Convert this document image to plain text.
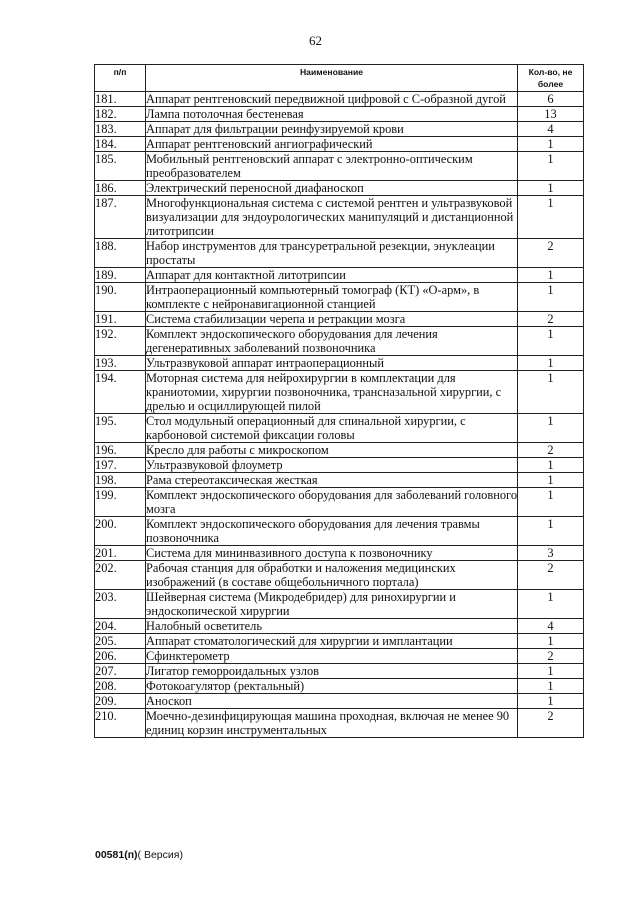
62
п/п	Наименование	Кол-во, не более
181.	Аппарат рентгеновский передвижной цифровой с С-образной дугой	6
182.	Лампа потолочная бестеневая	13
183.	Аппарат для фильтрации реинфузируемой крови	4
184.	Аппарат рентгеновский ангиографический	1
185.	Мобильный рентгеновский аппарат с электронно-оптическим преобразователем	1
186.	Электрический переносной диафаноскоп	1
187.	Многофункциональная система с системой рентген и ультразвуковой визуализации для эндоурологических манипуляций и дистанционной литотрипсии	1
188.	Набор инструментов для трансуретральной резекции, энуклеации простаты	2
189.	Аппарат для контактной литотрипсии	1
190.	Интраоперационный компьютерный томограф (КТ) «О-арм», в комплекте с нейронавигационной станцией	1
191.	Система стабилизации черепа и ретракции мозга	2
192.	Комплект эндоскопического оборудования для лечения дегенеративных заболеваний позвоночника	1
193.	Ультразвуковой аппарат интраоперационный	1
194.	Моторная система для нейрохирургии в комплектации для краниотомии, хирургии позвоночника, трансназальной хирургии, с дрелью и осциллирующей пилой	1
195.	Стол модульный операционный для спинальной хирургии, с карбоновой системой фиксации головы	1
196.	Кресло для работы с микроскопом	2
197.	Ультразвуковой флоуметр	1
198.	Рама стереотаксическая жесткая	1
199.	Комплект эндоскопического оборудования для заболеваний головного мозга	1
200.	Комплект эндоскопического оборудования для лечения травмы позвоночника	1
201.	Система для мининвазивного доступа к позвоночнику	3
202.	Рабочая станция для обработки и наложения медицинских изображений (в составе общебольничного портала)	2
203.	Шейверная система (Микродебридер) для ринохирургии и эндоскопической хирургии	1
204.	Налобный осветитель	4
205.	Аппарат стоматологический для хирургии и имплантации	1
206.	Сфинктерометр	2
207.	Лигатор геморроидальных узлов	1
208.	Фотокоагулятор (ректальный)	1
209.	Аноскоп	1
210.	Моечно-дезинфицирующая машина проходная, включая не менее 90 единиц корзин инструментальных	2
00581(п)( Версия)
